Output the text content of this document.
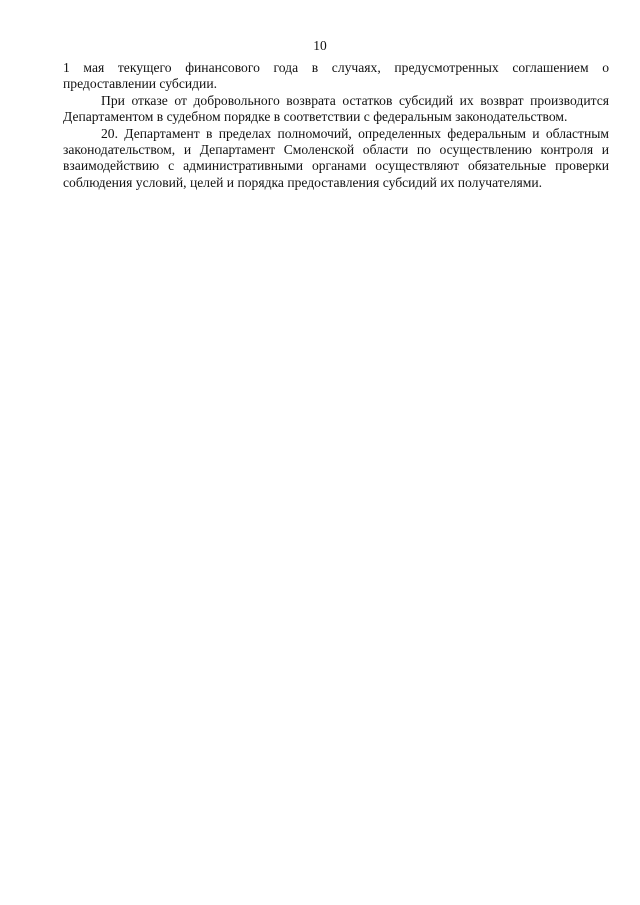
10

1 мая текущего финансового года в случаях, предусмотренных соглашением о предоставлении субсидии.

При отказе от добровольного возврата остатков субсидий их возврат производится Департаментом в судебном порядке в соответствии с федеральным законодательством.

20. Департамент в пределах полномочий, определенных федеральным и областным законодательством, и Департамент Смоленской области по осуществлению контроля и взаимодействию с административными органами осуществляют обязательные проверки соблюдения условий, целей и порядка предоставления субсидий их получателями.
